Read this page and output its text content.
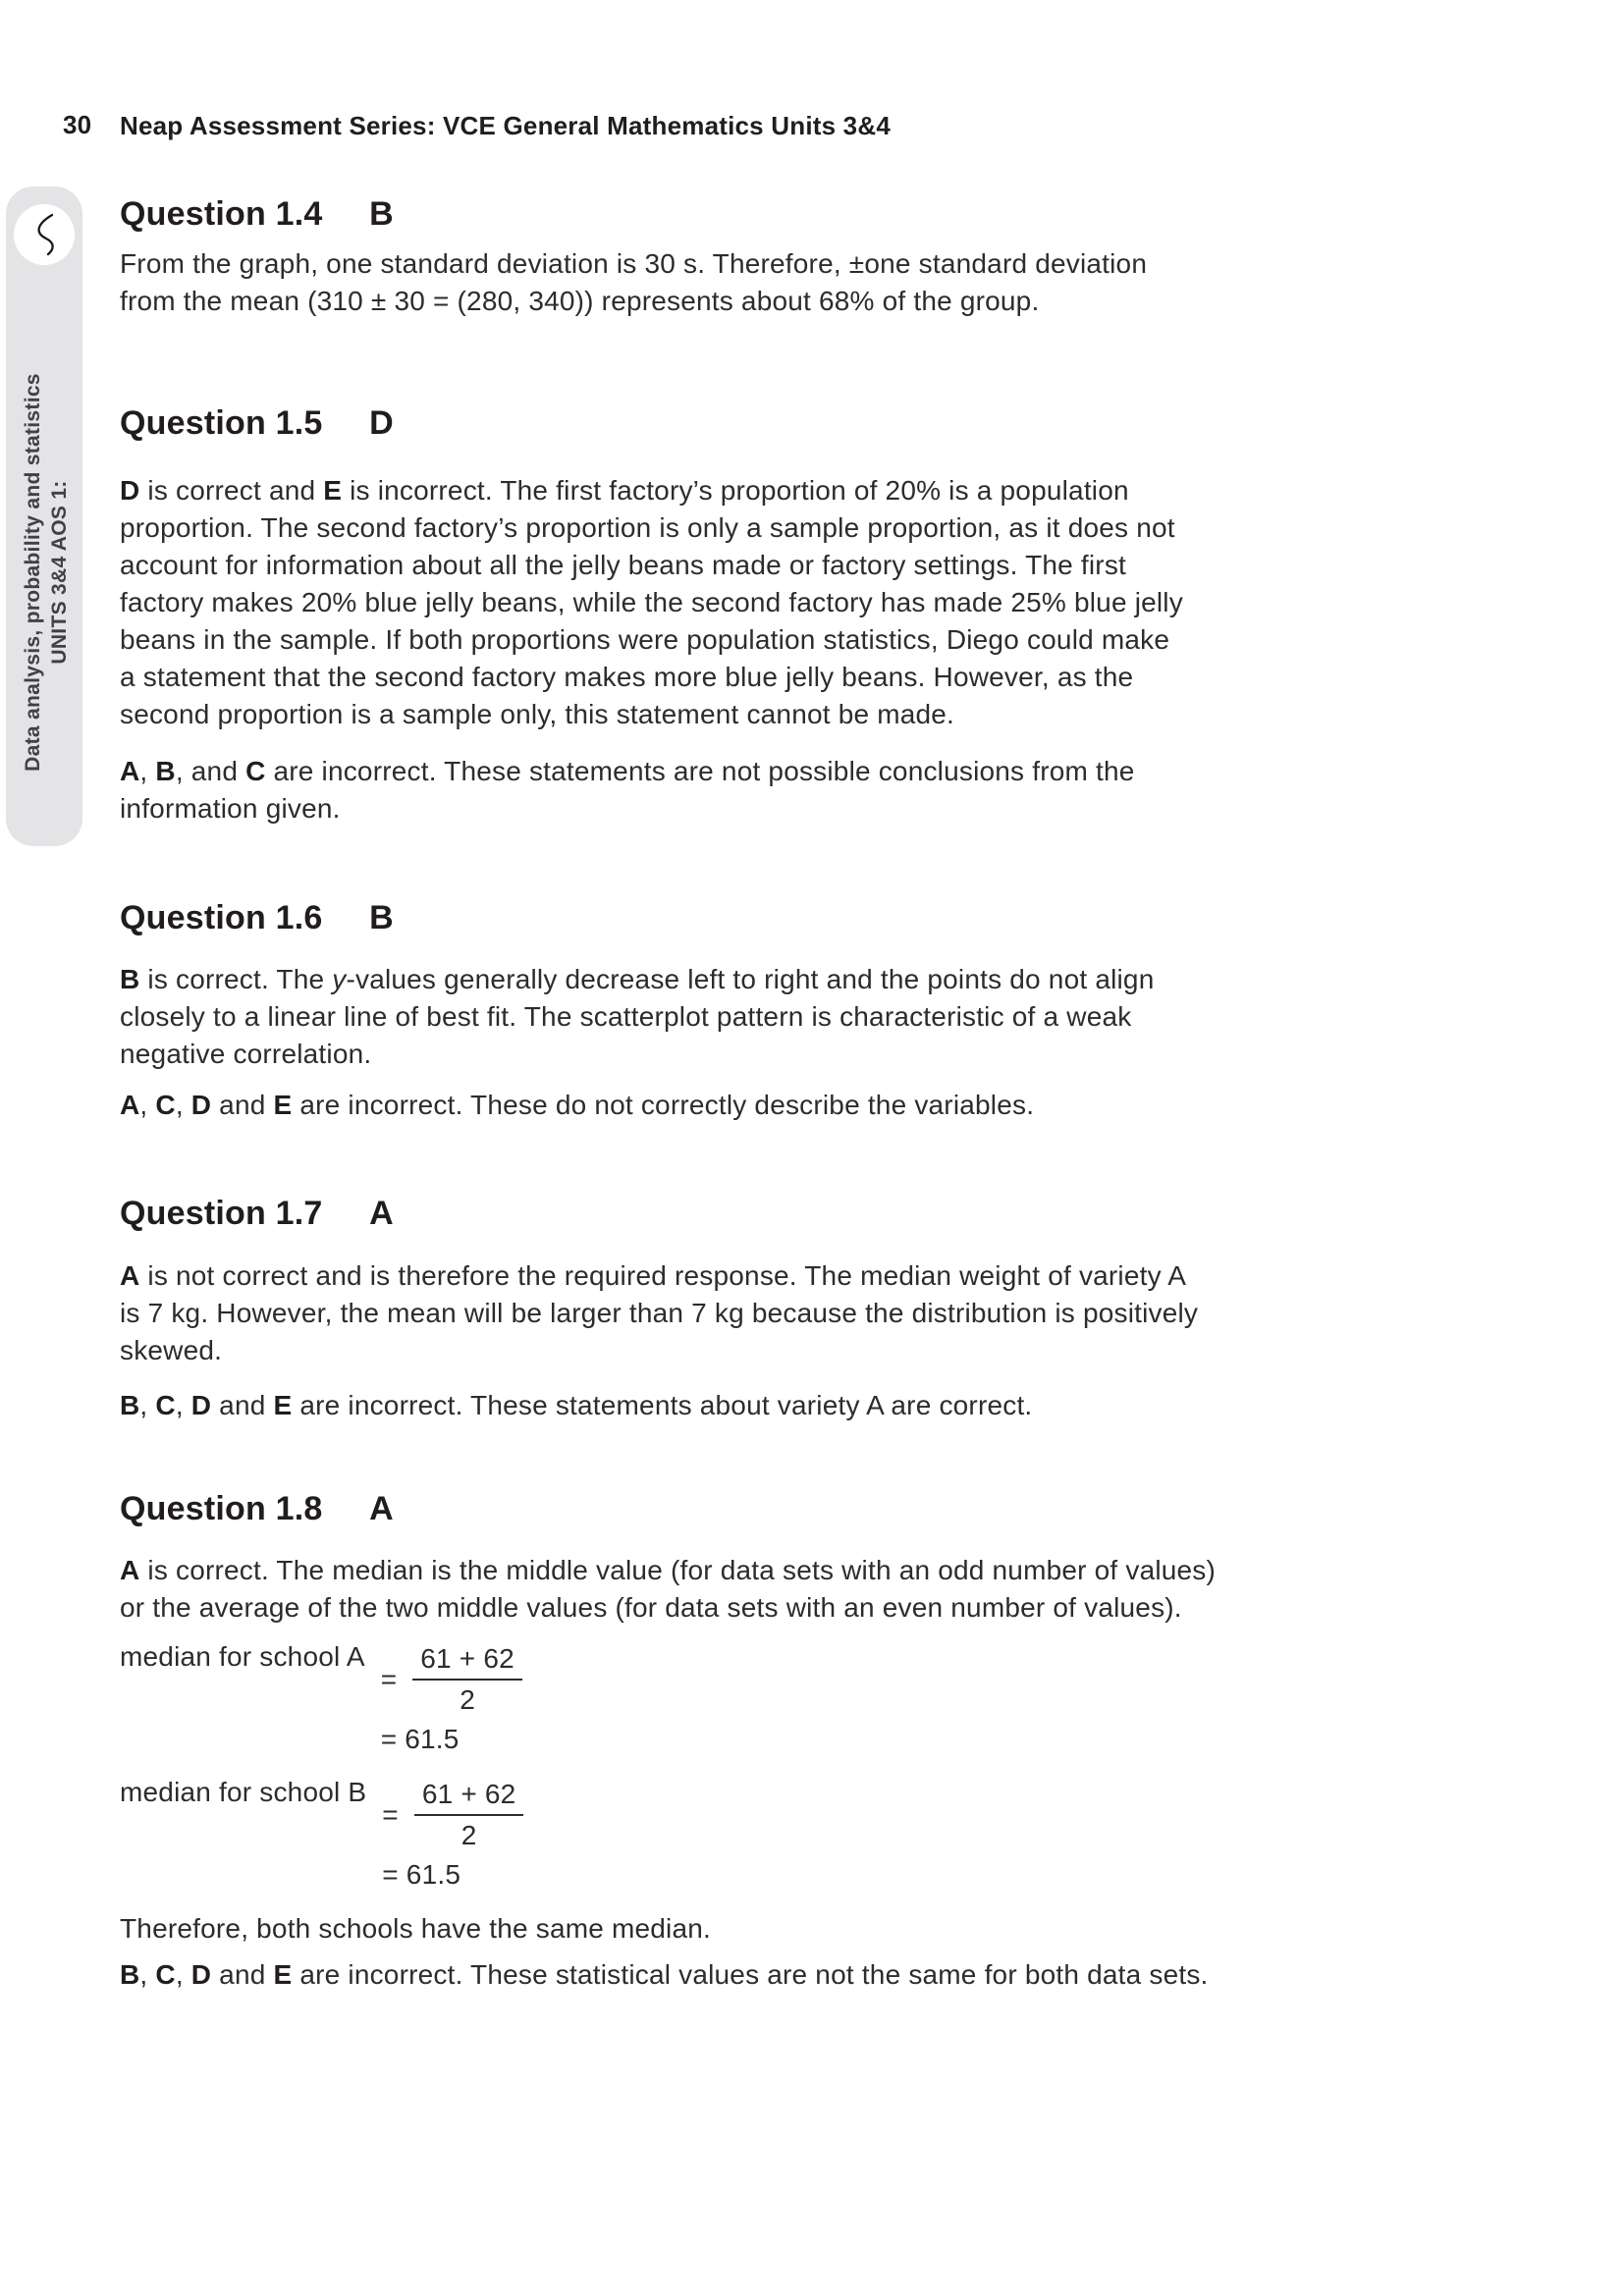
30 Neap Assessment Series: VCE General Mathematics Units 3&4
Data analysis, probability and statistics UNITS 3&4 AOS 1:
Question 1.4 B

From the graph, one standard deviation is 30 s. Therefore, ±one standard deviation
from the mean (310 ± 30 = (280, 340)) represents about 68% of the group.

Question 1.5 D

D is correct and E is incorrect. The first factory’s proportion of 20% is a population
proportion. The second factory’s proportion is only a sample proportion, as it does not
account for information about all the jelly beans made or factory settings. The first
factory makes 20% blue jelly beans, while the second factory has made 25% blue jelly
beans in the sample. If both proportions were population statistics, Diego could make
a statement that the second factory makes more blue jelly beans. However, as the
second proportion is a sample only, this statement cannot be made.

A, B, and C are incorrect. These statements are not possible conclusions from the
information given.

Question 1.6 B

B is correct. The y-values generally decrease left to right and the points do not align
closely to a linear line of best fit. The scatterplot pattern is characteristic of a weak
negative correlation.

A, C, D and E are incorrect. These do not correctly describe the variables.

Question 1.7 A

A is not correct and is therefore the required response. The median weight of variety A
is 7 kg. However, the mean will be larger than 7 kg because the distribution is positively
skewed.

B, C, D and E are incorrect. These statements about variety A are correct.

Question 1.8 A

A is correct. The median is the middle value (for data sets with an odd number of values)
or the average of the two middle values (for data sets with an even number of values).

median for school A
= $\frac{61 + 62}{2}$
= 61.5
median for school B
= $\frac{61 + 62}{2}$
= 61.5

Therefore, both schools have the same median.

B, C, D and E are incorrect. These statistical values are not the same for both data sets.
